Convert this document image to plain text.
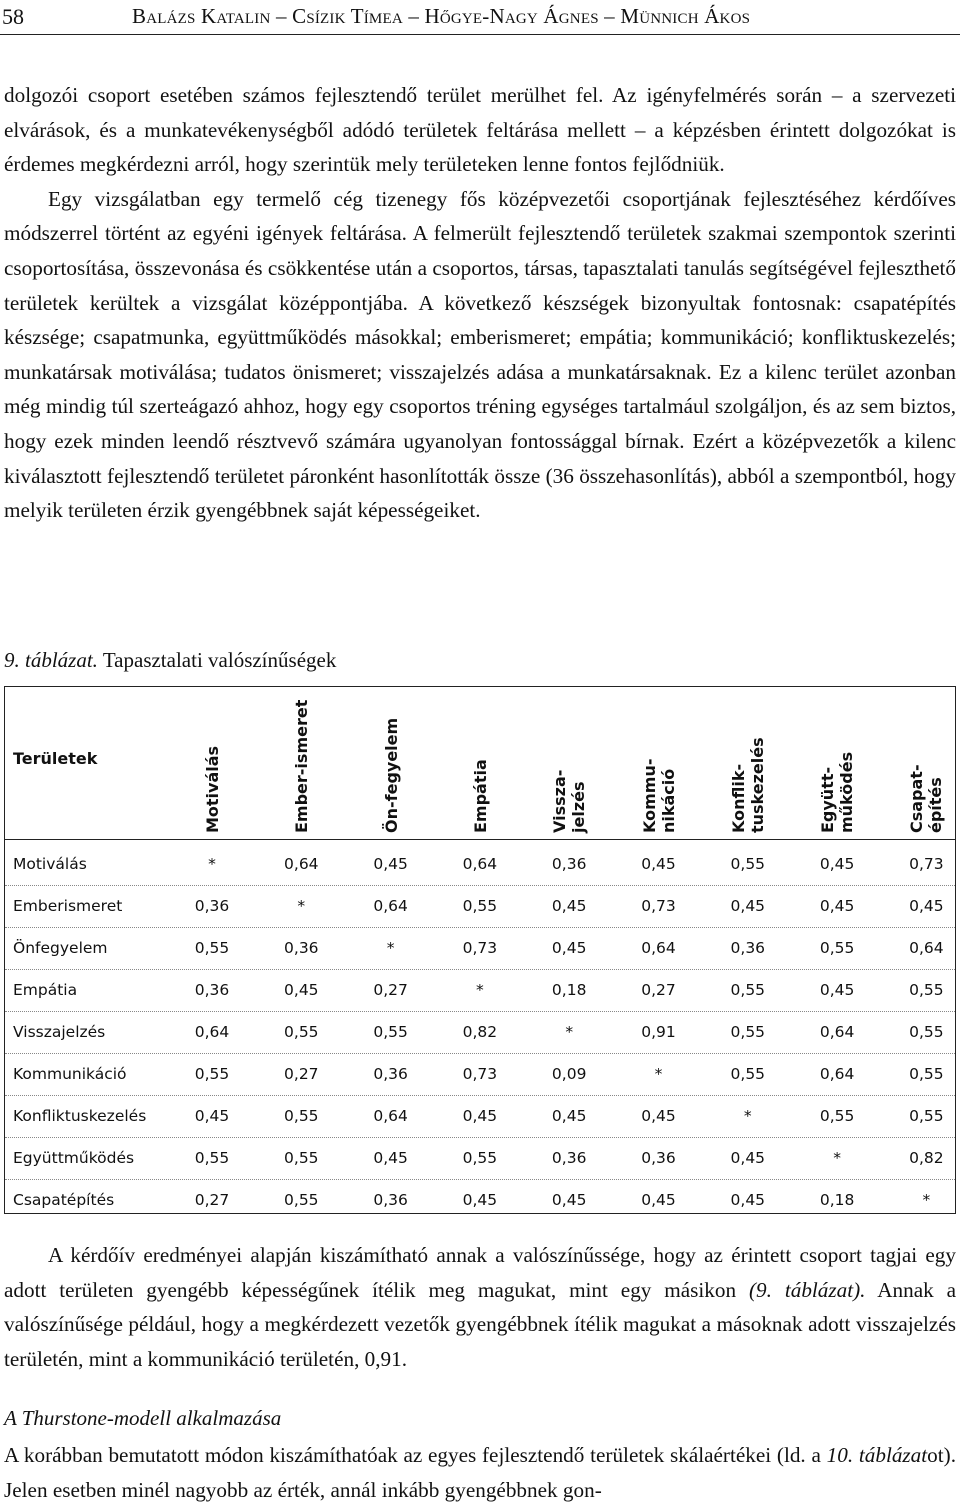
58	Balázs Katalin – Csízik Tímea – Hőgye-Nagy Ágnes – Münnich Ákos

dolgozói csoport esetében számos fejlesztendő terület merülhet fel. Az igényfelmérés során – a szervezeti elvárások, és a munkatevékenységből adódó területek feltárása mellett – a képzésben érintett dolgozókat is érdemes megkérdezni arról, hogy szerintük mely területeken lenne fontos fejlődniük.

Egy vizsgálatban egy termelő cég tizenegy fős középvezetői csoportjának fejlesztéséhez kérdőíves módszerrel történt az egyéni igények feltárása. A felmerült fejlesztendő területek szakmai szempontok szerinti csoportosítása, összevonása és csökkentése után a csoportos, társas, tapasztalati tanulás segítségével fejleszthető területek kerültek a vizsgálat középpontjába. A következő készségek bizonyultak fontosnak: csapatépítés készsége; csapatmunka, együttműködés másokkal; emberismeret; empátia; kommunikáció; konfliktuskezelés; munkatársak motiválása; tudatos önismeret; visszajelzés adása a munkatársaknak. Ez a kilenc terület azonban még mindig túl szerteágazó ahhoz, hogy egy csoportos tréning egységes tartalmául szolgáljon, és az sem biztos, hogy ezek minden leendő résztvevő számára ugyanolyan fontossággal bírnak. Ezért a középvezetők a kilenc kiválasztott fejlesztendő területet páronként hasonlították össze (36 összehasonlítás), abból a szempontból, hogy melyik területen érzik gyengébbnek saját képességeiket.

9. táblázat. Tapasztalati valószínűségek
Területek	Motiválás	Ember-ismeret	Ön-fegyelem	Empátia	Vissza- jelzés	Kommu- nikáció	Konflik- tuskezelés	Együtt- működés	Csapat- építés
Motiválás	*	0,64	0,45	0,64	0,36	0,45	0,55	0,45	0,73
Emberismeret	0,36	*	0,64	0,55	0,45	0,73	0,45	0,45	0,45
Önfegyelem	0,55	0,36	*	0,73	0,45	0,64	0,36	0,55	0,64
Empátia	0,36	0,45	0,27	*	0,18	0,27	0,55	0,45	0,55
Visszajelzés	0,64	0,55	0,55	0,82	*	0,91	0,55	0,64	0,55
Kommunikáció	0,55	0,27	0,36	0,73	0,09	*	0,55	0,64	0,55
Konfliktuskezelés	0,45	0,55	0,64	0,45	0,45	0,45	*	0,55	0,55
Együttműködés	0,55	0,55	0,45	0,55	0,36	0,36	0,45	*	0,82
Csapatépítés	0,27	0,55	0,36	0,45	0,45	0,45	0,45	0,18	*

A kérdőív eredményei alapján kiszámítható annak a valószínűssége, hogy az érintett csoport tagjai egy adott területen gyengébb képességűnek ítélik meg magukat, mint egy másikon (9. táblázat). Annak a valószínűsége például, hogy a megkérdezett vezetők gyengébbnek ítélik magukat a másoknak adott visszajelzés területén, mint a kommunikáció területén, 0,91.

A Thurstone-modell alkalmazása

A korábban bemutatott módon kiszámíthatóak az egyes fejlesztendő területek skálaértékei (ld. a 10. táblázatot). Jelen esetben minél nagyobb az érték, annál inkább gyengébbnek gon-
